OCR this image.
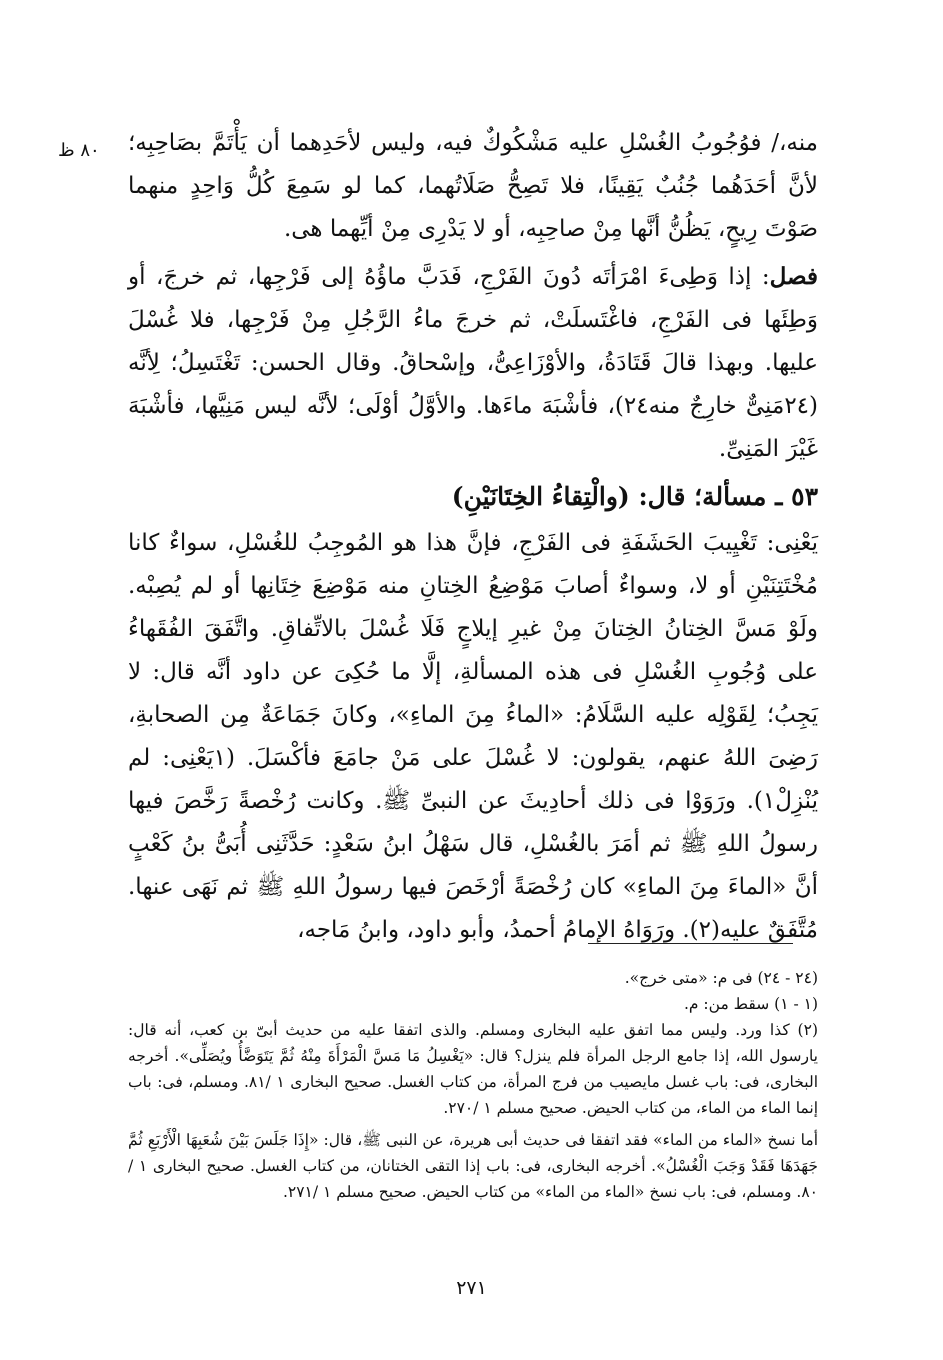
٨٠ ظ	منه،/ فوُجُوبُ الغُسْلِ عليه مَشْكُوكٌ فيه، وليس لأحَدِهما أن يَأْتَمَّ بصَاحِبِه؛ لأنَّ أحَدَهُما جُنُبٌ يَقِينًا، فلا تَصِحُّ صَلَاتُهما، كما لو سَمِعَ كُلُّ وَاحِدٍ منهما صَوْتَ رِيحٍ، يَظُنُّ أنَّها مِنْ صاحِبِه، أو لا يَدْرِى مِنْ أيِّهما هى.

فصل: إذا وَطِىءَ امْرَأتَه دُونَ الفَرْجِ، فَدَبَّ ماؤُهُ إلى فَرْجِها، ثم خرجَ، أو وَطِئَها فى الفَرْجِ، فاغْتَسلَتْ، ثم خرجَ ماءُ الرَّجُلِ مِنْ فَرْجِها، فلا غُسْلَ عليها. وبهذا قالَ قَتَادَةُ، والأوْزَاعِىُّ، وإسْحاقُ. وقال الحسن: تَغْتَسِلُ؛ لِأنَّه (٢٤مَنِىٌّ خارِجٌ منه٢٤)، فأشْبَهَ ماءَها. والأوَّلُ أوْلَى؛ لأنَّه ليس مَنِيَّها، فأشْبَهَ غَيْرَ المَنِىِّ.

٥٣ ـ مسألة؛ قال: (والْتِقاءُ الخِتَانَيْنِ)

يَعْنِى: تَغْيِيبَ الحَشَفَةِ فى الفَرْجِ، فإنَّ هذا هو المُوجِبُ للغُسْلِ، سواءٌ كانا مُخْتَتِنَيْنِ أو لا، وسواءٌ أصابَ مَوْضِعُ الخِتانِ منه مَوْضِعَ خِتَانِها أو لم يُصِبْه. ولَوْ مَسَّ الخِتانُ الخِتانَ مِنْ غيرِ إيلاجٍ فَلَا غُسْلَ بالاتِّفاقِ. واتَّفَقَ الفُقَهاءُ على وُجُوبِ الغُسْلِ فى هذه المسألةِ، إلَّا ما حُكِىَ عن داود أنَّه قال: لا يَجِبُ؛ لِقَوْلِه عليه السَّلَامُ: «الماءُ مِنَ الماءِ»، وكانَ جَمَاعَةٌ مِن الصحابةِ، رَضِىَ اللهُ عنهم، يقولون: لا غُسْلَ على مَنْ جامَعَ فأكْسَلَ. (١يَعْنِى: لم يُنْزِلْ١). ورَوَوْا فى ذلك أحادِيثَ عن النبىِّ ﷺ. وكانت رُخْصةً رَخَّصَ فيها رسولُ اللهِ ﷺ ثم أمَرَ بالغُسْلِ، قال سَهْلُ ابنُ سَعْدٍ: حَدَّثَنِى أُبَىُّ بنُ كَعْبٍ أنَّ «الماءَ مِنَ الماءِ» كان رُخْصَةً أرْخَصَ فيها رسولُ اللهِ ﷺ ثم نَهَى عنها. مُتَّفَقٌ عليه(٢). ورَوَاهُ الإمامُ أحمدُ، وأبو داود، وابنُ مَاجه،

(٢٤ - ٢٤) فى م: «متى خرج».

(١ - ١) سقط من: م.

(٢) كذا ورد. وليس مما اتفق عليه البخارى ومسلم. والذى اتفقا عليه من حديث أبىّ بن كعب، أنه قال: يارسول الله، إذا جامع الرجل المرأة فلم ينزل؟ قال: «يَغْسِلُ مَا مَسَّ الْمَرْأَةَ مِنْهُ ثُمَّ يَتَوَضَّأُ ويُصَلِّى». أخرجه البخارى، فى: باب غسل مايصيب من فرج المرأة، من كتاب الغسل. صحيح البخارى ١ /٨١. ومسلم، فى: باب إنما الماء من الماء، من كتاب الحيض. صحيح مسلم ١ /٢٧٠.

أما نسخ «الماء من الماء» فقد اتفقا فى حديث أبى هريرة، عن النبى ﷺ، قال: «إِذَا جَلَسَ بَيْنَ شُعَبِهَا الْأَرْبَعِ ثُمَّ جَهَدَهَا فَقَدْ وَجَبَ الْغُسْلُ». أخرجه البخارى، فى: باب إذا التقى الختانان، من كتاب الغسل. صحيح البخارى ١ /٨٠. ومسلم، فى: باب نسخ «الماء من الماء» من كتاب الحيض. صحيح مسلم ١ /٢٧١.

٢٧١
